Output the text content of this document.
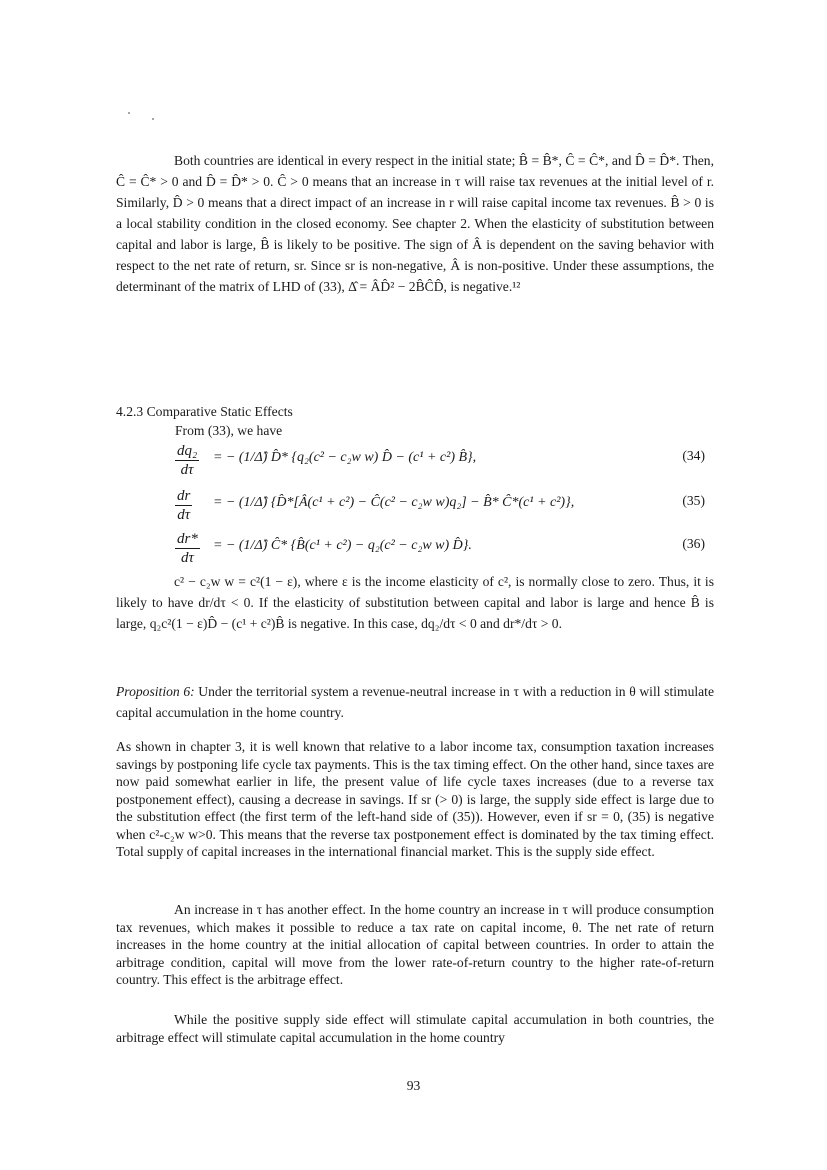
Both countries are identical in every respect in the initial state; B̂ = B̂*, Ĉ = Ĉ*, and D̂ = D̂*. Then, Ĉ = Ĉ* > 0 and D̂ = D̂* > 0. Ĉ > 0 means that an increase in τ will raise tax revenues at the initial level of r. Similarly, D̂ > 0 means that a direct impact of an increase in r will raise capital income tax revenues. B̂ > 0 is a local stability condition in the closed economy. See chapter 2. When the elasticity of substitution between capital and labor is large, B̂ is likely to be positive. The sign of Â is dependent on the saving behavior with respect to the net rate of return, sr. Since sr is non-negative, Â is non-positive. Under these assumptions, the determinant of the matrix of LHD of (33), Δ̂ = ÂD̂² − 2B̂ĈD̂, is negative.¹²

4.2.3 Comparative Static Effects

From (33), we have

$\frac{\text{dq₂}}{d\tau}$ = − (1/Δ̂) D̂* {q₂(c² − c₂w w) D̂ − (c¹ + c²) B̂},	(34)
$\frac{dr}{d\tau}$ = − (1/Δ̂) {D̂*[Â(c¹ + c²) − Ĉ(c² − c₂w w)q₂] − B̂* Ĉ*(c¹ + c²)},	(35)
$\frac{dr*}{d\tau}$ = − (1/Δ̂) Ĉ* {B̂(c¹ + c²) − q₂(c² − c₂w w) D̂}.	(36)

c² − c₂w w = c²(1 − ε), where ε is the income elasticity of c², is normally close to zero. Thus, it is likely to have dr/dτ < 0. If the elasticity of substitution between capital and labor is large and hence B̂ is large, q₂c²(1 − ε)D̂ − (c¹ + c²)B̂ is negative. In this case, dq₂/dτ < 0 and dr*/dτ > 0.

Proposition 6: Under the territorial system a revenue-neutral increase in τ with a reduction in θ will stimulate capital accumulation in the home country.

As shown in chapter 3, it is well known that relative to a labor income tax, consumption taxation increases savings by postponing life cycle tax payments. This is the tax timing effect. On the other hand, since taxes are now paid somewhat earlier in life, the present value of life cycle taxes increases (due to a reverse tax postponement effect), causing a decrease in savings. If sr (> 0) is large, the supply side effect is large due to the substitution effect (the first term of the left-hand side of (35)). However, even if sr = 0, (35) is negative when c²-c₂w w>0. This means that the reverse tax postponement effect is dominated by the tax timing effect. Total supply of capital increases in the international financial market. This is the supply side effect.

An increase in τ has another effect. In the home country an increase in τ will produce consumption tax revenues, which makes it possible to reduce a tax rate on capital income, θ. The net rate of return increases in the home country at the initial allocation of capital between countries. In order to attain the arbitrage condition, capital will move from the lower rate-of-return country to the higher rate-of-return country. This effect is the arbitrage effect.

While the positive supply side effect will stimulate capital accumulation in both countries, the arbitrage effect will stimulate capital accumulation in the home country

93
